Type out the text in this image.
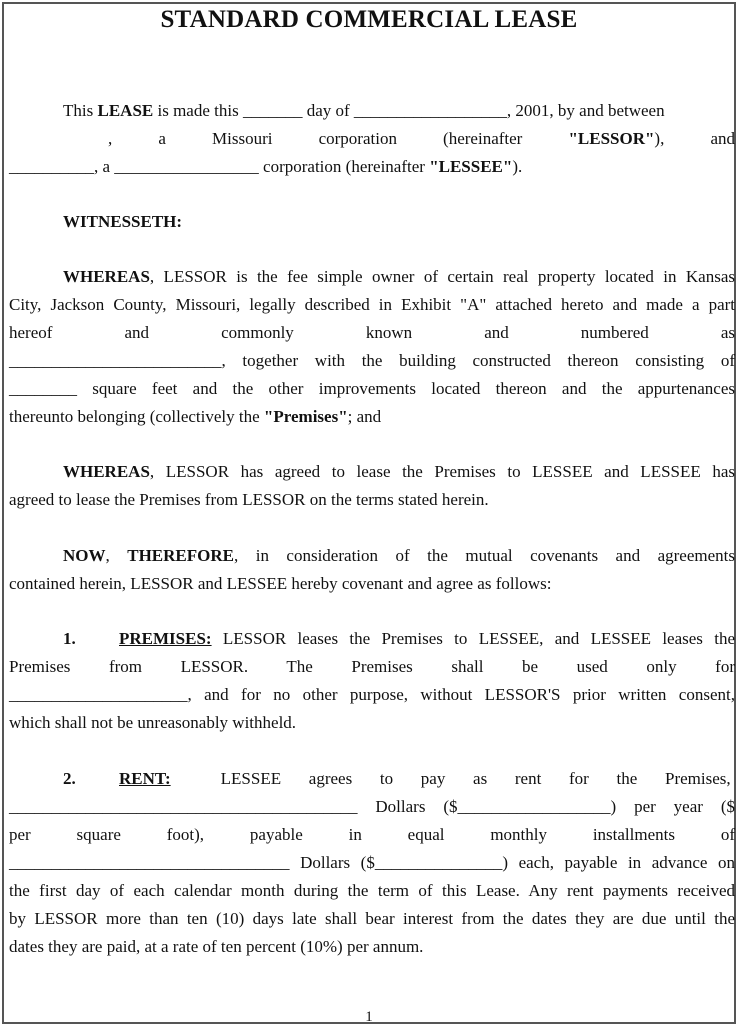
STANDARD COMMERCIAL LEASE
This LEASE is made this _______ day of __________________, 2001, by and between
, a Missouri corporation (hereinafter "LESSOR"), and
__________, a _________________ corporation (hereinafter "LESSEE").
WITNESSETH:
WHEREAS, LESSOR is the fee simple owner of certain real property located in Kansas
City, Jackson County, Missouri, legally described in Exhibit "A" attached hereto and made a part
hereof and commonly known and numbered as
_________________________, together with the building constructed thereon consisting of
________ square feet and the other improvements located thereon and the appurtenances
thereunto belonging (collectively the "Premises"; and
WHEREAS, LESSOR has agreed to lease the Premises to LESSEE and LESSEE has
agreed to lease the Premises from LESSOR on the terms stated herein.
NOW, THEREFORE, in consideration of the mutual covenants and agreements
contained herein, LESSOR and LESSEE hereby covenant and agree as follows:
1.	PREMISES: LESSOR leases the Premises to LESSEE, and LESSEE leases the
Premises from LESSOR. The Premises shall be used only for
_____________________, and for no other purpose, without LESSOR'S prior written consent,
which shall not be unreasonably withheld.
2.	RENT:	LESSEE agrees to pay as rent for the Premises,
_________________________________________ Dollars ($__________________) per year ($
per square foot), payable in equal monthly installments of
_________________________________ Dollars ($_______________) each, payable in advance on
the first day of each calendar month during the term of this Lease. Any rent payments received
by LESSOR more than ten (10) days late shall bear interest from the dates they are due until the
dates they are paid, at a rate of ten percent (10%) per annum.
1
